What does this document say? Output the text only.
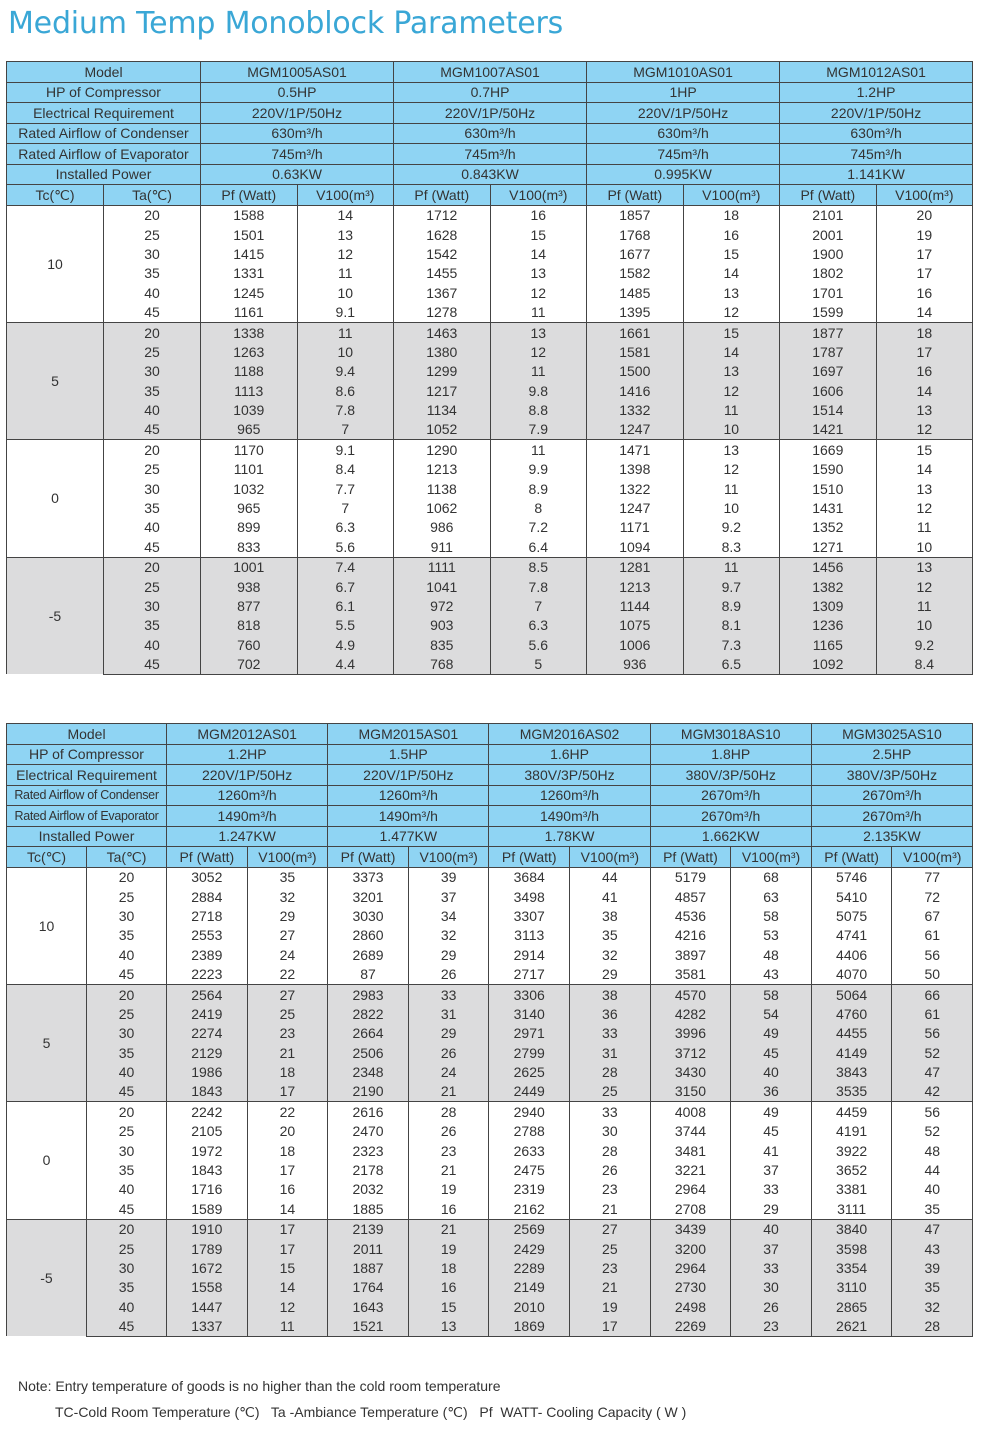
Medium Temp Monoblock Parameters
Model		MGM1005AS01		MGM1007AS01		MGM1010AS01		MGM1012AS01	
HP of Compressor		0.5HP		0.7HP		1HP		1.2HP	
Electrical Requirement		220V/1P/50Hz		220V/1P/50Hz		220V/1P/50Hz		220V/1P/50Hz	
Rated Airflow of Condenser		630m³/h		630m³/h		630m³/h		630m³/h	
Rated Airflow of Evaporator		745m³/h		745m³/h		745m³/h		745m³/h	
Installed Power		0.63KW		0.843KW		0.995KW		1.141KW	
Tc(℃)	Ta(℃)	Pf (Watt)	V100(m³)	Pf (Watt)	V100(m³)	Pf (Watt)	V100(m³)	Pf (Watt)	V100(m³)
10	20	1588	14	1712	16	1857	18	2101	20
	25	1501	13	1628	15	1768	16	2001	19
	30	1415	12	1542	14	1677	15	1900	17
	35	1331	11	1455	13	1582	14	1802	17
	40	1245	10	1367	12	1485	13	1701	16
	45	1161	9.1	1278	11	1395	12	1599	14
5	20	1338	11	1463	13	1661	15	1877	18
	25	1263	10	1380	12	1581	14	1787	17
	30	1188	9.4	1299	11	1500	13	1697	16
	35	1113	8.6	1217	9.8	1416	12	1606	14
	40	1039	7.8	1134	8.8	1332	11	1514	13
	45	965	7	1052	7.9	1247	10	1421	12
0	20	1170	9.1	1290	11	1471	13	1669	15
	25	1101	8.4	1213	9.9	1398	12	1590	14
	30	1032	7.7	1138	8.9	1322	11	1510	13
	35	965	7	1062	8	1247	10	1431	12
	40	899	6.3	986	7.2	1171	9.2	1352	11
	45	833	5.6	911	6.4	1094	8.3	1271	10
-5	20	1001	7.4	1111	8.5	1281	11	1456	13
	25	938	6.7	1041	7.8	1213	9.7	1382	12
	30	877	6.1	972	7	1144	8.9	1309	11
	35	818	5.5	903	6.3	1075	8.1	1236	10
	40	760	4.9	835	5.6	1006	7.3	1165	9.2
	45	702	4.4	768	5	936	6.5	1092	8.4
Model		MGM2012AS01		MGM2015AS01		MGM2016AS02		MGM3018AS10		MGM3025AS10	
HP of Compressor		1.2HP		1.5HP		1.6HP		1.8HP		2.5HP	
Electrical Requirement		220V/1P/50Hz		220V/1P/50Hz		380V/3P/50Hz		380V/3P/50Hz		380V/3P/50Hz	
Rated Airflow of Condenser		1260m³/h		1260m³/h		1260m³/h		2670m³/h		2670m³/h	
Rated Airflow of Evaporator		1490m³/h		1490m³/h		1490m³/h		2670m³/h		2670m³/h	
Installed Power		1.247KW		1.477KW		1.78KW		1.662KW		2.135KW	
Tc(℃)	Ta(℃)	Pf (Watt)	V100(m³)	Pf (Watt)	V100(m³)	Pf (Watt)	V100(m³)	Pf (Watt)	V100(m³)	Pf (Watt)	V100(m³)
10	20	3052	35	3373	39	3684	44	5179	68	5746	77
	25	2884	32	3201	37	3498	41	4857	63	5410	72
	30	2718	29	3030	34	3307	38	4536	58	5075	67
	35	2553	27	2860	32	3113	35	4216	53	4741	61
	40	2389	24	2689	29	2914	32	3897	48	4406	56
	45	2223	22	87	26	2717	29	3581	43	4070	50
5	20	2564	27	2983	33	3306	38	4570	58	5064	66
	25	2419	25	2822	31	3140	36	4282	54	4760	61
	30	2274	23	2664	29	2971	33	3996	49	4455	56
	35	2129	21	2506	26	2799	31	3712	45	4149	52
	40	1986	18	2348	24	2625	28	3430	40	3843	47
	45	1843	17	2190	21	2449	25	3150	36	3535	42
0	20	2242	22	2616	28	2940	33	4008	49	4459	56
	25	2105	20	2470	26	2788	30	3744	45	4191	52
	30	1972	18	2323	23	2633	28	3481	41	3922	48
	35	1843	17	2178	21	2475	26	3221	37	3652	44
	40	1716	16	2032	19	2319	23	2964	33	3381	40
	45	1589	14	1885	16	2162	21	2708	29	3111	35
-5	20	1910	17	2139	21	2569	27	3439	40	3840	47
	25	1789	17	2011	19	2429	25	3200	37	3598	43
	30	1672	15	1887	18	2289	23	2964	33	3354	39
	35	1558	14	1764	16	2149	21	2730	30	3110	35
	40	1447	12	1643	15	2010	19	2498	26	2865	32
	45	1337	11	1521	13	1869	17	2269	23	2621	28
Note: Entry temperature of goods is no higher than the cold room temperature
TC-Cold Room Temperature (℃)   Ta -Ambiance Temperature (℃)   Pf  WATT- Cooling Capacity ( W )
